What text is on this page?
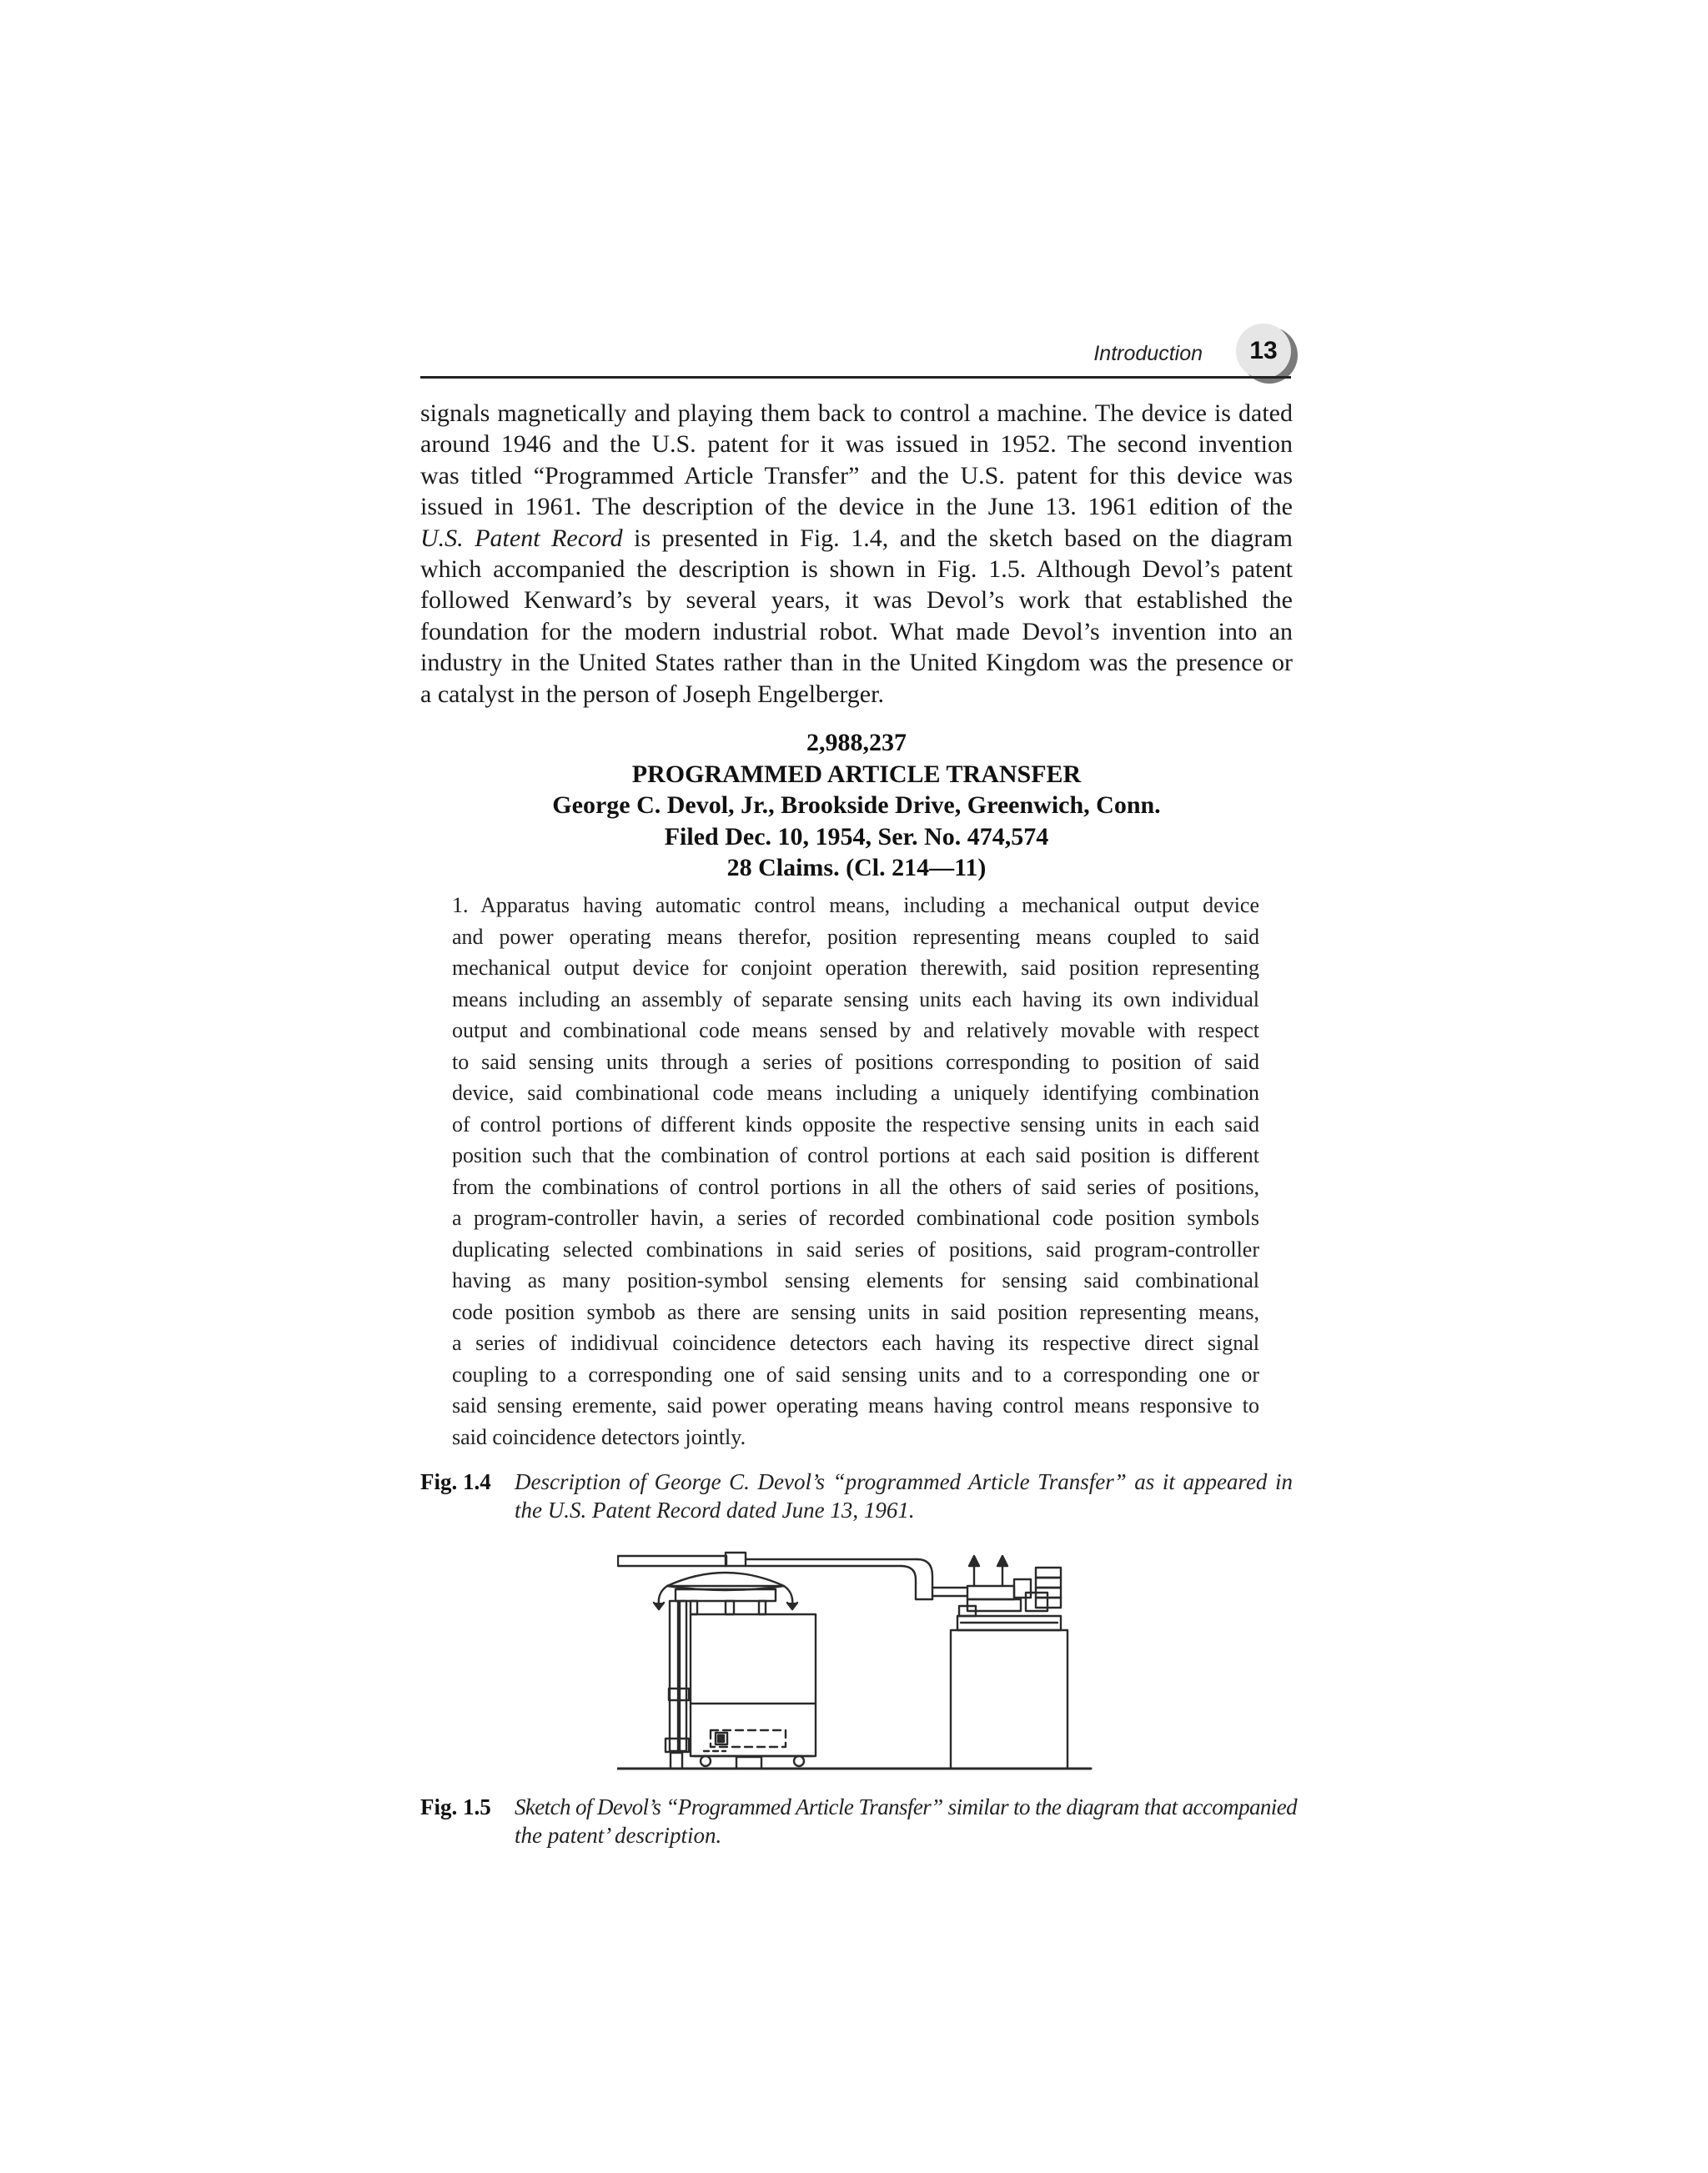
Introduction 13

signals magnetically and playing them back to control a machine. The device is dated
around 1946 and the U.S. patent for it was issued in 1952. The second invention
was titled “Programmed Article Transfer” and the U.S. patent for this device was
issued in 1961. The description of the device in the June 13. 1961 edition of the
U.S. Patent Record is presented in Fig. 1.4, and the sketch based on the diagram
which accompanied the description is shown in Fig. 1.5. Although Devol’s patent
followed Kenward’s by several years, it was Devol’s work that established the
foundation for the modern industrial robot. What made Devol’s invention into an
industry in the United States rather than in the United Kingdom was the presence or
a catalyst in the person of Joseph Engelberger.

2,988,237
PROGRAMMED ARTICLE TRANSFER
George C. Devol, Jr., Brookside Drive, Greenwich, Conn.
Filed Dec. 10, 1954, Ser. No. 474,574
28 Claims. (Cl. 214—11)

1. Apparatus having automatic control means, including a mechanical output device
and power operating means therefor, position representing means coupled to said
mechanical output device for conjoint operation therewith, said position representing
means including an assembly of separate sensing units each having its own individual
output and combinational code means sensed by and relatively movable with respect
to said sensing units through a series of positions corresponding to position of said
device, said combinational code means including a uniquely identifying combination
of control portions of different kinds opposite the respective sensing units in each said
position such that the combination of control portions at each said position is different
from the combinations of control portions in all the others of said series of positions,
a program-controller havin, a series of recorded combinational code position symbols
duplicating selected combinations in said series of positions, said program-controller
having as many position-symbol sensing elements for sensing said combinational
code position symbob as there are sensing units in said position representing means,
a series of indidivual coincidence detectors each having its respective direct signal
coupling to a corresponding one of said sensing units and to a corresponding one or
said sensing eremente, said power operating means having control means responsive to
said coincidence detectors jointly.

Fig. 1.4 Description of George C. Devol’s “programmed Article Transfer” as it appeared in
the U.S. Patent Record dated June 13, 1961.
Fig. 1.5 Sketch of Devol’s “Programmed Article Transfer” similar to the diagram that accompanied
the patent’ description.
